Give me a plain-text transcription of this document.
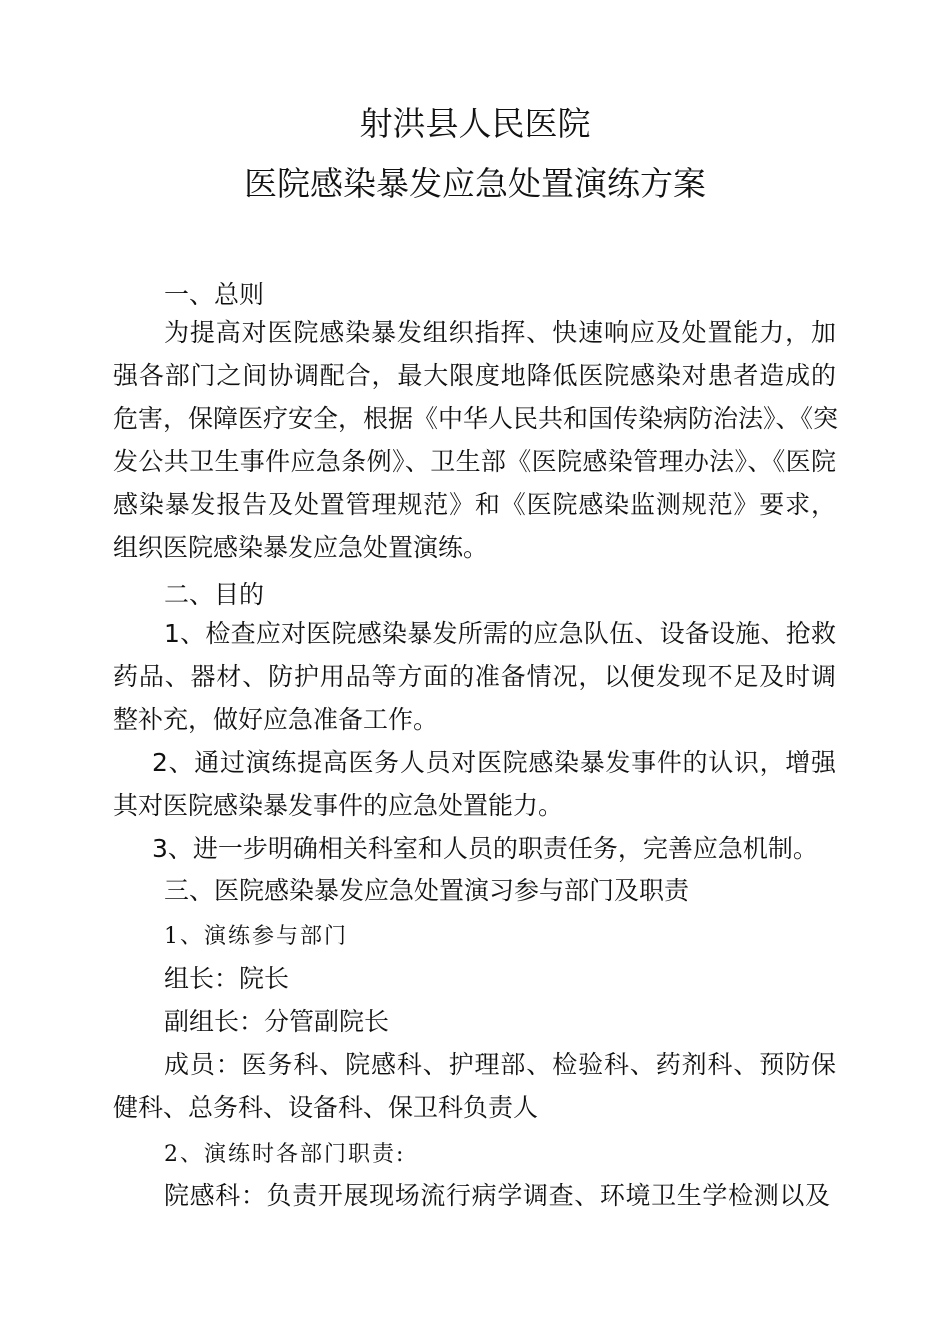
射洪县人民医院
医院感染暴发应急处置演练方案
一、总则
为提高对医院感染暴发组织指挥、快速响应及处置能力，加
强各部门之间协调配合，最大限度地降低医院感染对患者造成的
危害，保障医疗安全，根据《中华人民共和国传染病防治法》、《突
发公共卫生事件应急条例》、卫生部《医院感染管理办法》、《医院
感染暴发报告及处置管理规范》和《医院感染监测规范》要求，
组织医院感染暴发应急处置演练。
二、目的
1、检查应对医院感染暴发所需的应急队伍、设备设施、抢救
药品、器材、防护用品等方面的准备情况，以便发现不足及时调
整补充，做好应急准备工作。
2、通过演练提高医务人员对医院感染暴发事件的认识，增强
其对医院感染暴发事件的应急处置能力。
3、进一步明确相关科室和人员的职责任务，完善应急机制。
三、医院感染暴发应急处置演习参与部门及职责
1、演练参与部门
组长：院长
副组长：分管副院长
成员：医务科、院感科、护理部、检验科、药剂科、预防保
健科、总务科、设备科、保卫科负责人
2、演练时各部门职责:
院感科：负责开展现场流行病学调查、环境卫生学检测以及
